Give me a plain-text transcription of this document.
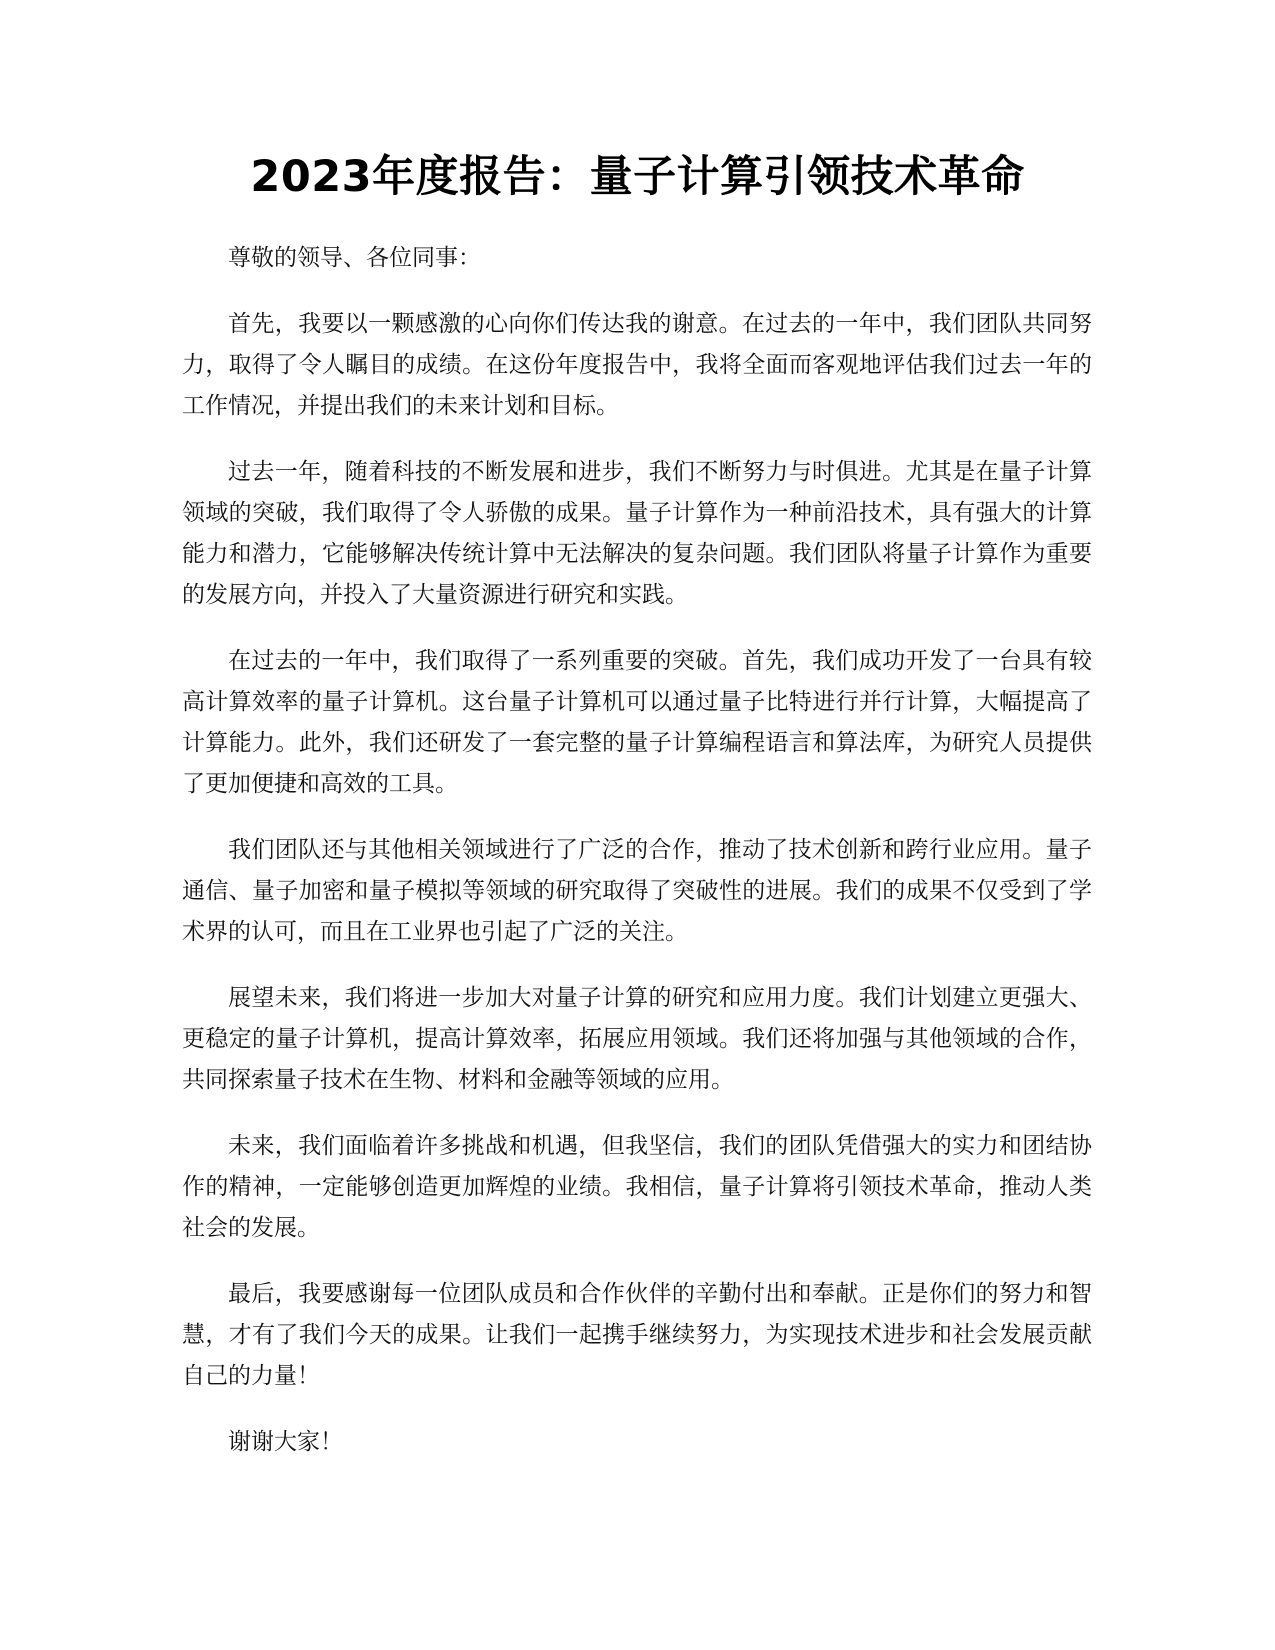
2023年度报告：量子计算引领技术革命

尊敬的领导、各位同事：

首先，我要以一颗感激的心向你们传达我的谢意。在过去的一年中，我们团队共同努力，取得了令人瞩目的成绩。在这份年度报告中，我将全面而客观地评估我们过去一年的工作情况，并提出我们的未来计划和目标。

过去一年，随着科技的不断发展和进步，我们不断努力与时俱进。尤其是在量子计算领域的突破，我们取得了令人骄傲的成果。量子计算作为一种前沿技术，具有强大的计算能力和潜力，它能够解决传统计算中无法解决的复杂问题。我们团队将量子计算作为重要的发展方向，并投入了大量资源进行研究和实践。

在过去的一年中，我们取得了一系列重要的突破。首先，我们成功开发了一台具有较高计算效率的量子计算机。这台量子计算机可以通过量子比特进行并行计算，大幅提高了计算能力。此外，我们还研发了一套完整的量子计算编程语言和算法库，为研究人员提供了更加便捷和高效的工具。

我们团队还与其他相关领域进行了广泛的合作，推动了技术创新和跨行业应用。量子通信、量子加密和量子模拟等领域的研究取得了突破性的进展。我们的成果不仅受到了学术界的认可，而且在工业界也引起了广泛的关注。

展望未来，我们将进一步加大对量子计算的研究和应用力度。我们计划建立更强大、更稳定的量子计算机，提高计算效率，拓展应用领域。我们还将加强与其他领域的合作，共同探索量子技术在生物、材料和金融等领域的应用。

未来，我们面临着许多挑战和机遇，但我坚信，我们的团队凭借强大的实力和团结协作的精神，一定能够创造更加辉煌的业绩。我相信，量子计算将引领技术革命，推动人类社会的发展。

最后，我要感谢每一位团队成员和合作伙伴的辛勤付出和奉献。正是你们的努力和智慧，才有了我们今天的成果。让我们一起携手继续努力，为实现技术进步和社会发展贡献自己的力量！

谢谢大家！
